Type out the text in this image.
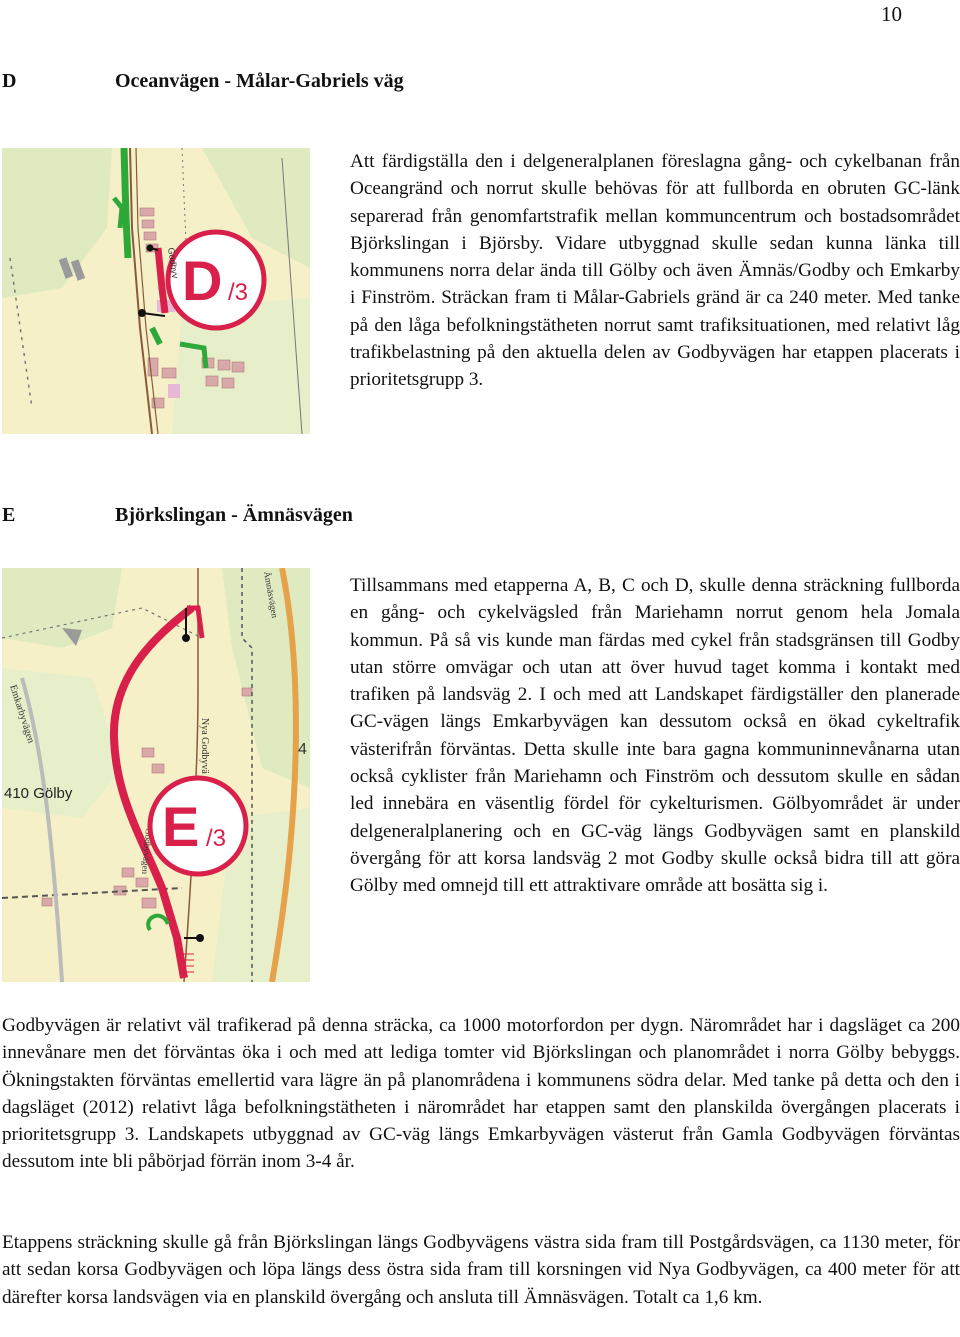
10
D	Oceanvägen - Målar-Gabriels väg
D /3
Godbyv

Att färdigställa den i delgeneralplanen föreslagna gång- och cykelbanan från Oceangränd och norrut skulle behövas för att fullborda en obruten GC-länk separerad från genomfartstrafik mellan kommuncentrum och bostadsområdet Björkslingan i Björsby. Vidare utbyggnad skulle sedan kunna länka till kommunens norra delar ända till Gölby och även Ämnäs/Godby och Emkarby i Finström. Sträckan fram ti Målar-Gabriels gränd är ca 240 meter. Med tanke på den låga befolkningstätheten norrut samt trafiksituationen, med relativt låg trafikbelastning på den aktuella delen av Godbyvägen har etappen placerats i prioritetsgrupp 3.

E	Björkslingan - Ämnäsvägen
410 Gölby
Emkarbyvägen
Nya Godbyvä
Godbyvägen
Ämnäsvägen
4
E /3

Tillsammans med etapperna A, B, C och D, skulle denna sträckning fullborda en gång- och cykelvägsled från Mariehamn norrut genom hela Jomala kommun. På så vis kunde man färdas med cykel från stadsgränsen till Godby utan större omvägar och utan att över huvud taget komma i kontakt med trafiken på landsväg 2. I och med att Landskapet färdigställer den planerade GC-vägen längs Emkarbyvägen kan dessutom också en ökad cykeltrafik västerifrån förväntas. Detta skulle inte bara gagna kommuninnevånarna utan också cyklister från Mariehamn och Finström och dessutom skulle en sådan led innebära en väsentlig fördel för cykelturismen. Gölbyområdet är under delgeneralplanering och en GC-väg längs Godbyvägen samt en planskild övergång för att korsa landsväg 2 mot Godby skulle också bidra till att göra Gölby med omnejd till ett attraktivare område att bosätta sig i.

Godbyvägen är relativt väl trafikerad på denna sträcka, ca 1000 motorfordon per dygn. Närområdet har i dagsläget ca 200 innevånare men det förväntas öka i och med att lediga tomter vid Björkslingan och planområdet i norra Gölby bebyggs. Ökningstakten förväntas emellertid vara lägre än på planområdena i kommunens södra delar. Med tanke på detta och den i dagsläget (2012) relativt låga befolkningstätheten i närområdet har etappen samt den planskilda övergången placerats i prioritetsgrupp 3. Landskapets utbyggnad av GC-väg längs Emkarbyvägen västerut från Gamla Godbyvägen förväntas dessutom inte bli påbörjad förrän inom 3-4 år.

Etappens sträckning skulle gå från Björkslingan längs Godbyvägens västra sida fram till Postgårdsvägen, ca 1130 meter, för att sedan korsa Godbyvägen och löpa längs dess östra sida fram till korsningen vid Nya Godbyvägen, ca 400 meter för att därefter korsa landsvägen via en planskild övergång och ansluta till Ämnäsvägen. Totalt ca 1,6 km.
